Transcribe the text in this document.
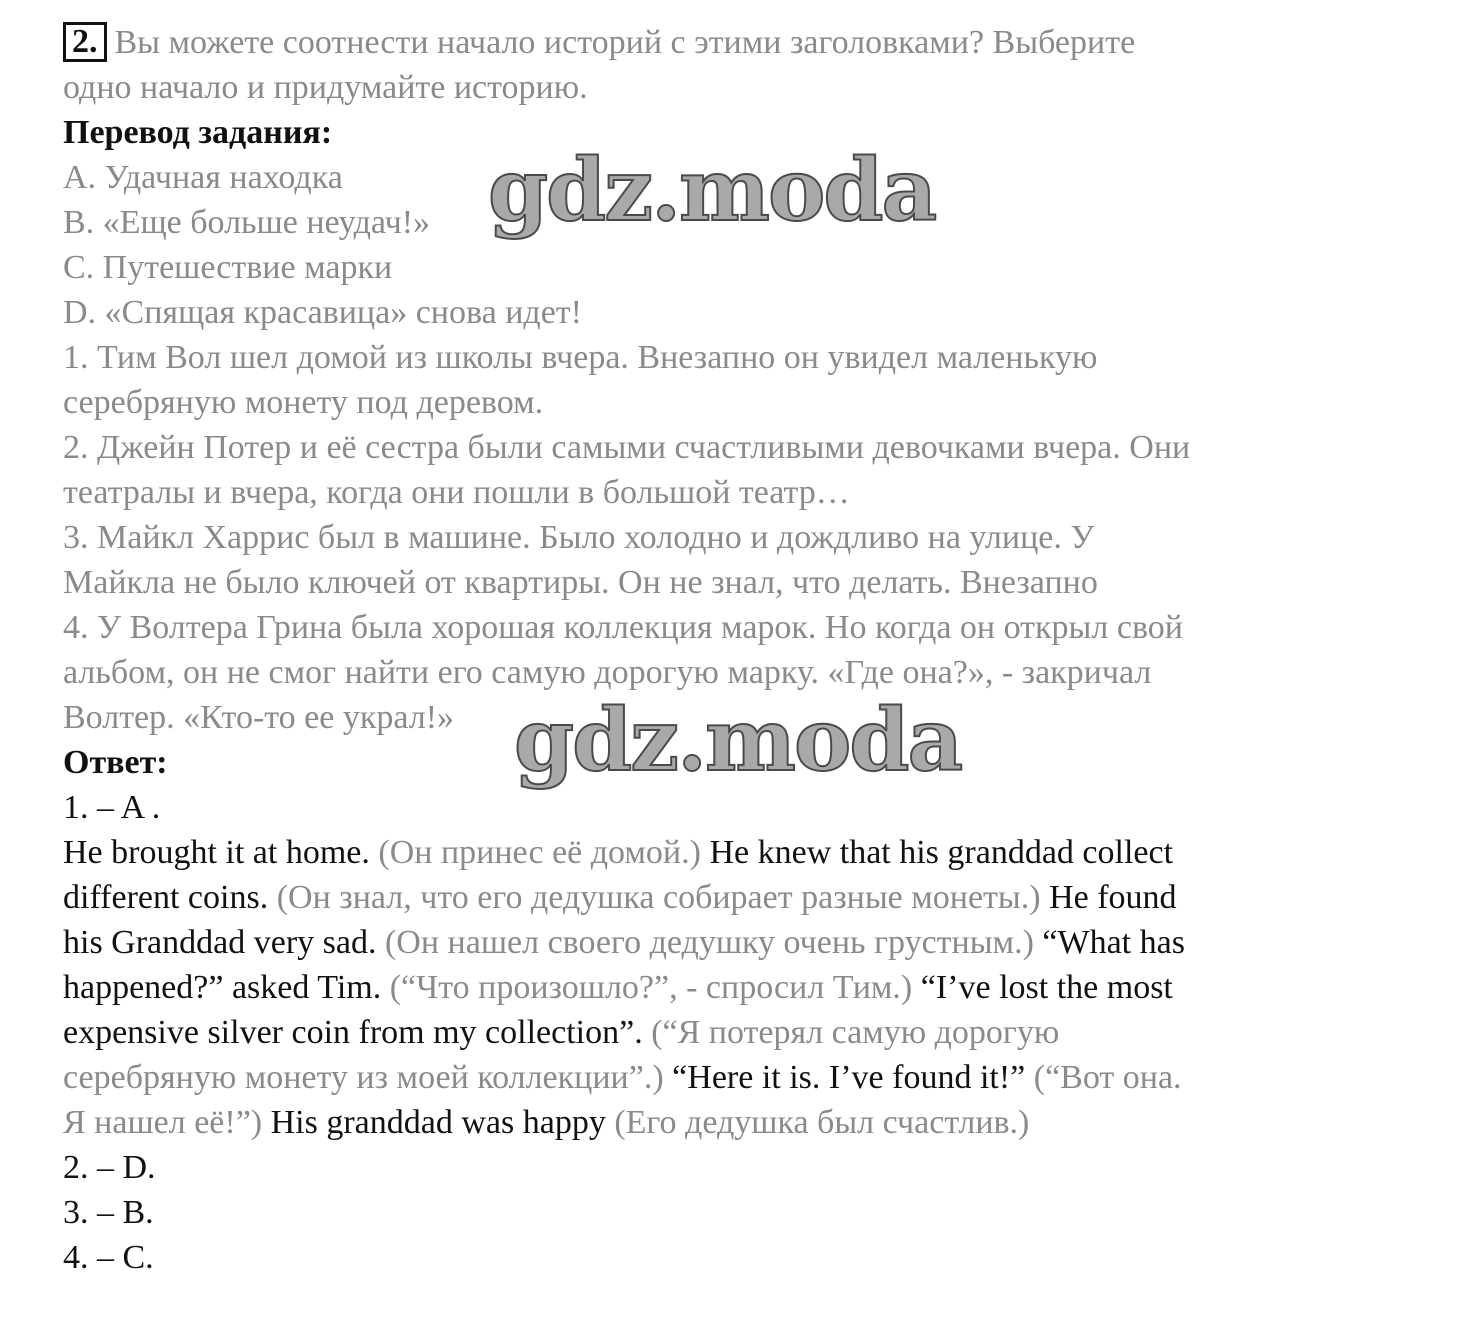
2. Вы можете соотнести начало историй с этими заголовками? Выберите
одно начало и придумайте историю.
Перевод задания:
A. Удачная находка
B. «Еще больше неудач!»
C. Путешествие марки
D. «Спящая красавица» снова идет!
1. Тим Вол шел домой из школы вчера. Внезапно он увидел маленькую
серебряную монету под деревом.
2. Джейн Потер и её сестра были самыми счастливыми девочками вчера. Они
театралы и вчера, когда они пошли в большой театр…
3. Майкл Харрис был в машине. Было холодно и дождливо на улице. У
Майкла не было ключей от квартиры. Он не знал, что делать. Внезапно
4. У Волтера Грина была хорошая коллекция марок. Но когда он открыл свой
альбом, он не смог найти его самую дорогую марку. «Где она?», - закричал
Волтер. «Кто-то ее украл!»
Ответ:
1. – A .
He brought it at home. (Он принес её домой.) He knew that his granddad collect
different coins. (Он знал, что его дедушка собирает разные монеты.) He found
his Granddad very sad. (Он нашел своего дедушку очень грустным.) “What has
happened?” asked Tim. (“Что произошло?”, - спросил Тим.) “I’ve lost the most
expensive silver coin from my collection”. (“Я потерял самую дорогую
серебряную монету из моей коллекции”.) “Here it is. I’ve found it!” (“Вот она.
Я нашел её!”) His granddad was happy (Его дедушка был счастлив.)
2. – D.
3. – B.
4. – C.
gdz.moda
gdz.moda
